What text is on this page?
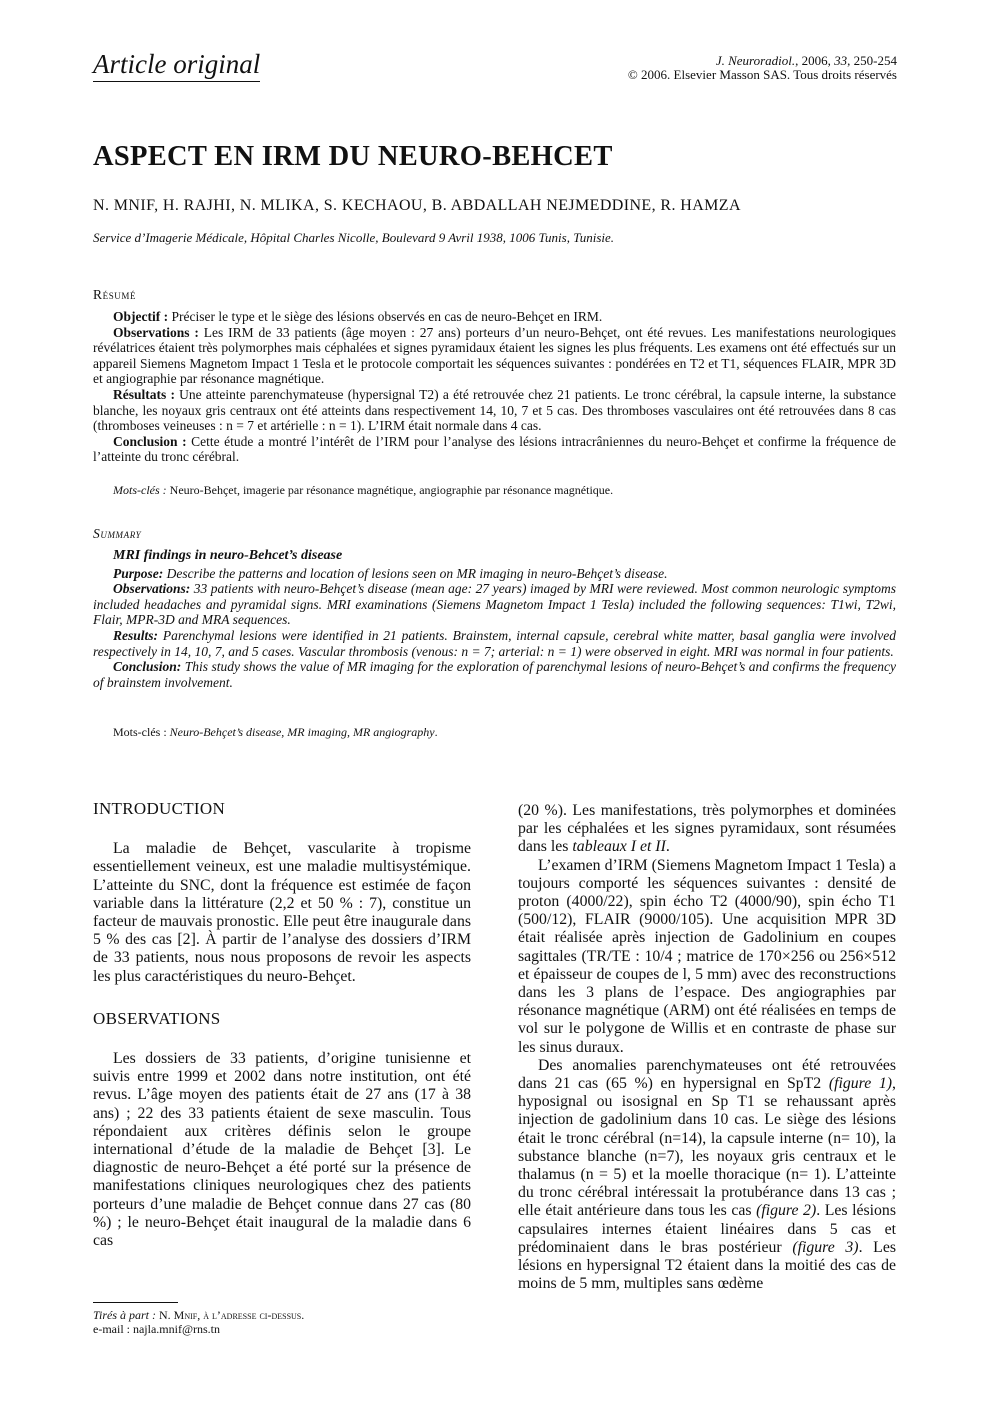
Article original	J. Neuroradiol., 2006, 33, 250-254
© 2006. Elsevier Masson SAS. Tous droits réservés
ASPECT EN IRM DU NEURO-BEHCET
N. MNIF, H. RAJHI, N. MLIKA, S. KECHAOU, B. ABDALLAH NEJMEDDINE, R. HAMZA
Service d’Imagerie Médicale, Hôpital Charles Nicolle, Boulevard 9 Avril 1938, 1006 Tunis, Tunisie.
Résumé

Objectif : Préciser le type et le siège des lésions observés en cas de neuro-Behçet en IRM.

Observations : Les IRM de 33 patients (âge moyen : 27 ans) porteurs d’un neuro-Behçet, ont été revues. Les manifestations neurologiques révélatrices étaient très polymorphes mais céphalées et signes pyramidaux étaient les signes les plus fréquents. Les examens ont été effectués sur un appareil Siemens Magnetom Impact 1 Tesla et le protocole comportait les séquences suivantes : pondérées en T2 et T1, séquences FLAIR, MPR 3D et angiographie par résonance magnétique.

Résultats : Une atteinte parenchymateuse (hypersignal T2) a été retrouvée chez 21 patients. Le tronc cérébral, la capsule interne, la substance blanche, les noyaux gris centraux ont été atteints dans respectivement 14, 10, 7 et 5 cas. Des thromboses vasculaires ont été retrouvées dans 8 cas (thromboses veineuses : n = 7 et artérielle : n = 1). L’IRM était normale dans 4 cas.

Conclusion : Cette étude a montré l’intérêt de l’IRM pour l’analyse des lésions intracrâniennes du neuro-Behçet et confirme la fréquence de l’atteinte du tronc cérébral.

Mots-clés : Neuro-Behçet, imagerie par résonance magnétique, angiographie par résonance magnétique.

Summary

MRI findings in neuro-Behcet’s disease

Purpose: Describe the patterns and location of lesions seen on MR imaging in neuro-Behçet’s disease.

Observations: 33 patients with neuro-Behçet’s disease (mean age: 27 years) imaged by MRI were reviewed. Most common neurologic symptoms included headaches and pyramidal signs. MRI examinations (Siemens Magnetom Impact 1 Tesla) included the following sequences: T1wi, T2wi, Flair, MPR-3D and MRA sequences.

Results: Parenchymal lesions were identified in 21 patients. Brainstem, internal capsule, cerebral white matter, basal ganglia were involved respectively in 14, 10, 7, and 5 cases. Vascular thrombosis (venous: n = 7; arterial: n = 1) were observed in eight. MRI was normal in four patients.

Conclusion: This study shows the value of MR imaging for the exploration of parenchymal lesions of neuro-Behçet’s and confirms the frequency of brainstem involvement.

Mots-clés : Neuro-Behçet’s disease, MR imaging, MR angiography.

INTRODUCTION

La maladie de Behçet, vascularite à tropisme essentiellement veineux, est une maladie multisystémique. L’atteinte du SNC, dont la fréquence est estimée de façon variable dans la littérature (2,2 et 50 % : 7), constitue un facteur de mauvais pronostic. Elle peut être inaugurale dans 5 % des cas [2]. À partir de l’analyse des dossiers d’IRM de 33 patients, nous nous proposons de revoir les aspects les plus caractéristiques du neuro-Behçet.

OBSERVATIONS

Les dossiers de 33 patients, d’origine tunisienne et suivis entre 1999 et 2002 dans notre institution, ont été revus. L’âge moyen des patients était de 27 ans (17 à 38 ans) ; 22 des 33 patients étaient de sexe masculin. Tous répondaient aux critères définis selon le groupe international d’étude de la maladie de Behçet [3]. Le diagnostic de neuro-Behçet a été porté sur la présence de manifestations cliniques neurologiques chez des patients porteurs d’une maladie de Behçet connue dans 27 cas (80 %) ; le neuro-Behçet était inaugural de la maladie dans 6 cas

(20 %). Les manifestations, très polymorphes et dominées par les céphalées et les signes pyramidaux, sont résumées dans les tableaux I et II.

L’examen d’IRM (Siemens Magnetom Impact 1 Tesla) a toujours comporté les séquences suivantes : densité de proton (4000/22), spin écho T2 (4000/90), spin écho T1 (500/12), FLAIR (9000/105). Une acquisition MPR 3D était réalisée après injection de Gadolinium en coupes sagittales (TR/TE : 10/4 ; matrice de 170×256 ou 256×512 et épaisseur de coupes de l, 5 mm) avec des reconstructions dans les 3 plans de l’espace. Des angiographies par résonance magnétique (ARM) ont été réalisées en temps de vol sur le polygone de Willis et en contraste de phase sur les sinus duraux.

Des anomalies parenchymateuses ont été retrouvées dans 21 cas (65 %) en hypersignal en SpT2 (figure 1), hyposignal ou isosignal en Sp T1 se rehaussant après injection de gadolinium dans 10 cas. Le siège des lésions était le tronc cérébral (n=14), la capsule interne (n= 10), la substance blanche (n=7), les noyaux gris centraux et le thalamus (n = 5) et la moelle thoracique (n= 1). L’atteinte du tronc cérébral intéressait la protubérance dans 13 cas ; elle était antérieure dans tous les cas (figure 2). Les lésions capsulaires internes étaient linéaires dans 5 cas et prédominaient dans le bras postérieur (figure 3). Les lésions en hypersignal T2 étaient dans la moitié des cas de moins de 5 mm, multiples sans œdème

Tirés à part : N. Mnif, à l’adresse ci-dessus.
e-mail : najla.mnif@rns.tn
